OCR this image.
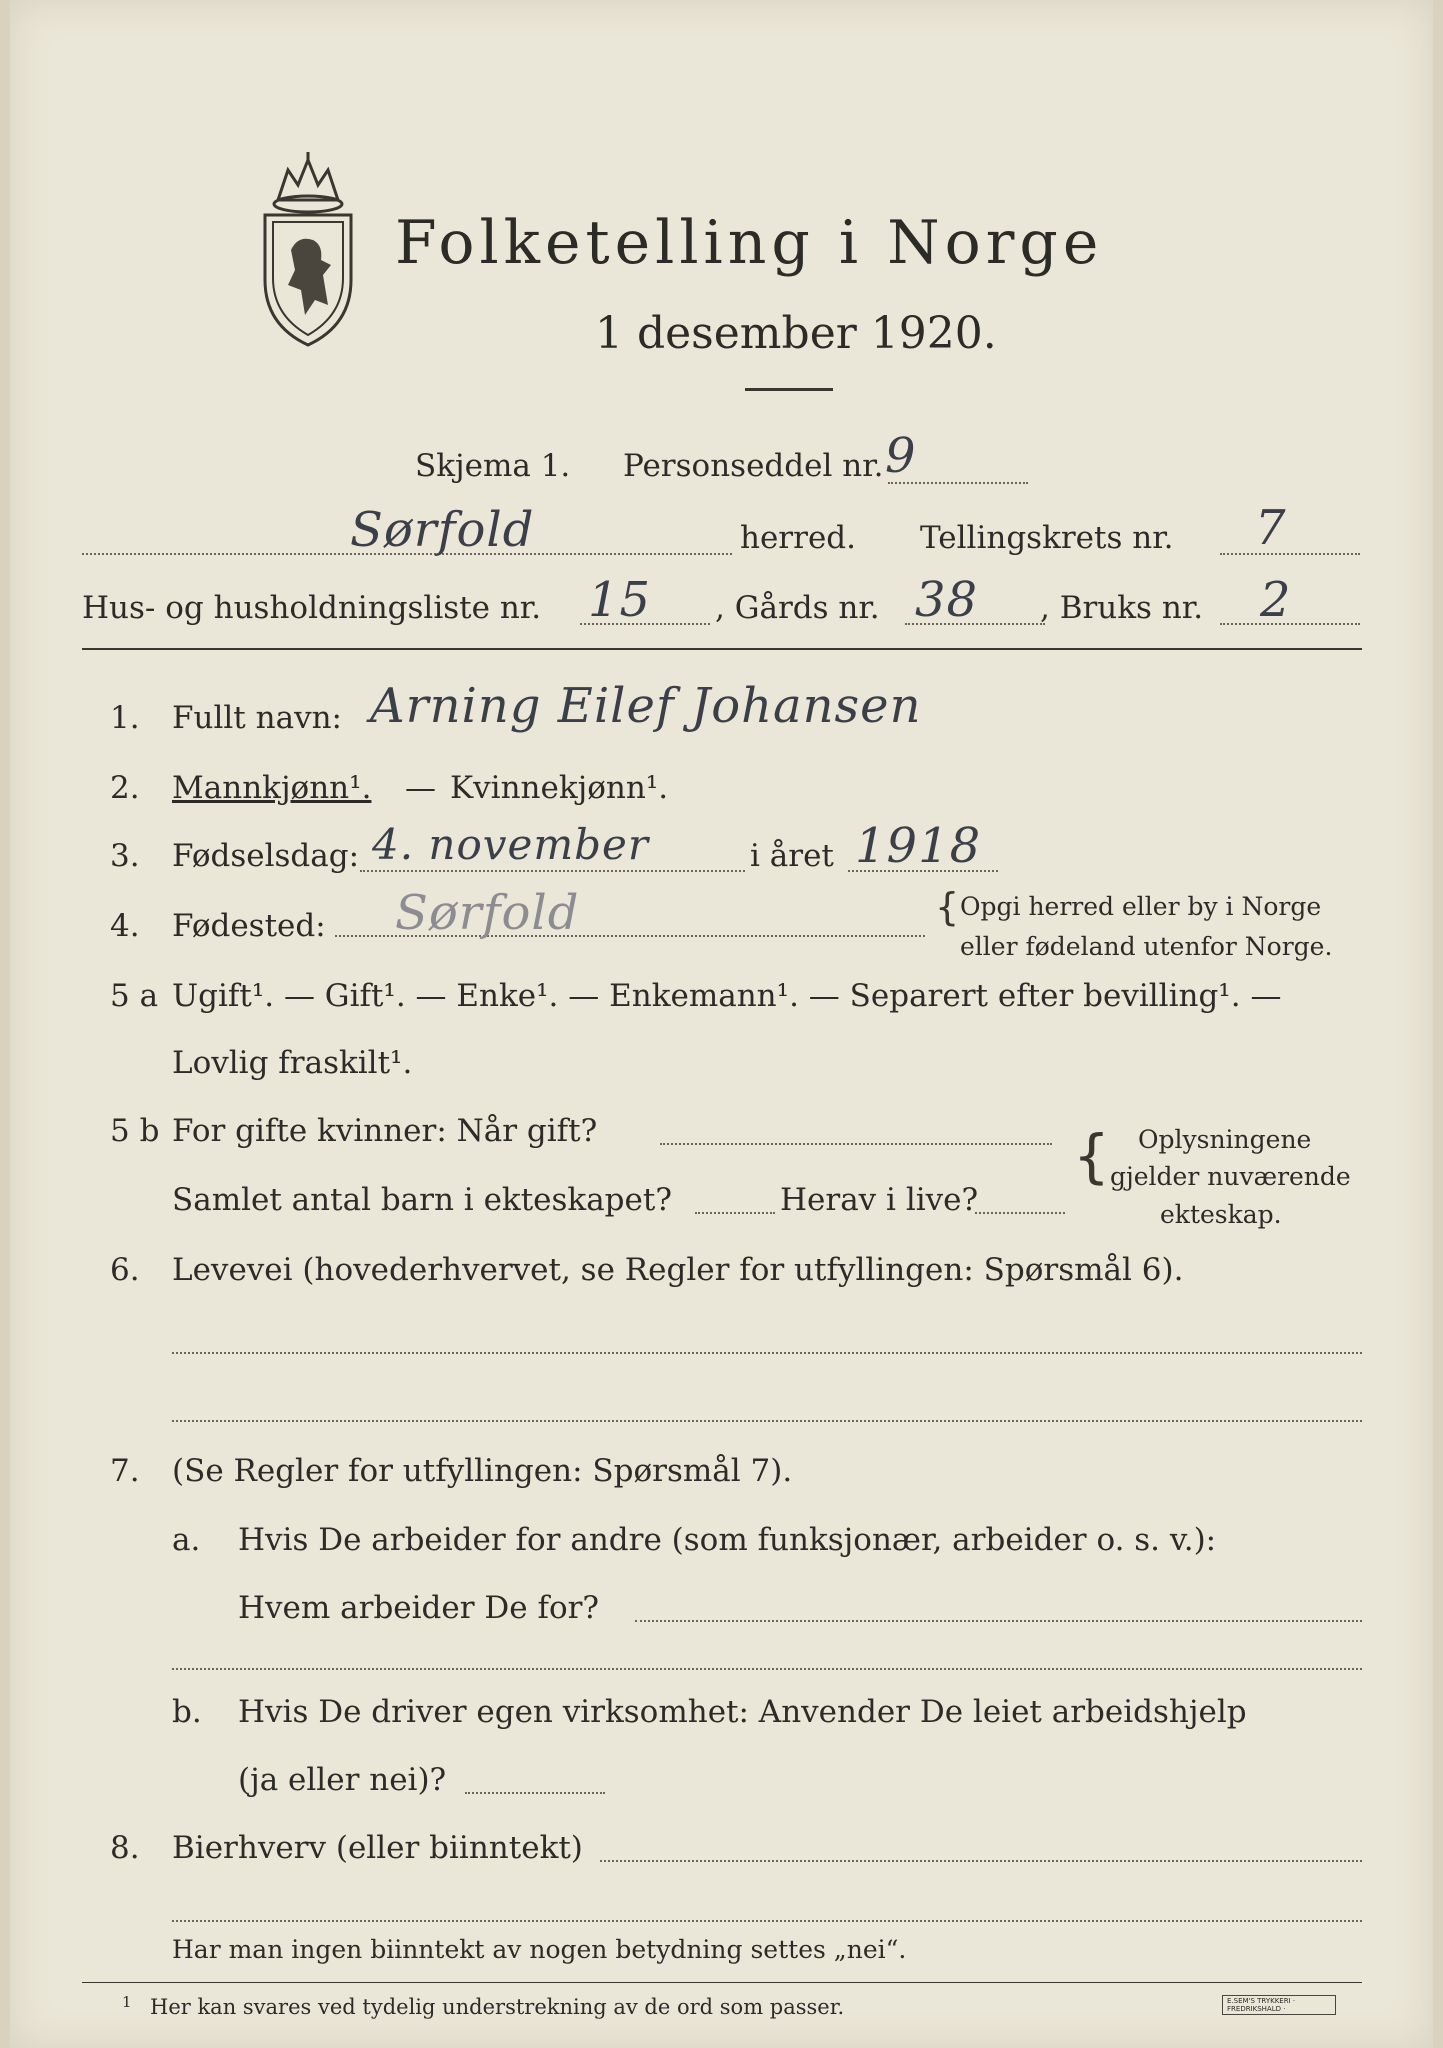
Folketelling i Norge
1 desember 1920.
Skjema 1. Personseddel nr. 9
Sørfold	herred. Tellingskrets nr. 7
Hus- og husholdningsliste nr. 15 , Gårds nr. 38 , Bruks nr. 2
1. Fullt navn: Arning Eilef Johansen
2. Mannkjønn¹. — Kvinnekjønn¹.
3. Fødselsdag: 4. november	i året 1918
4. Fødested: Sørfold	{ Opgi herred eller by i Norge
eller fødeland utenfor Norge.
5 a Ugift¹. — Gift¹. — Enke¹. — Enkemann¹. — Separert efter bevilling¹. —
Lovlig fraskilt¹.
5 b For gifte kvinner: Når gift?
Samlet antal barn i ekteskapet?	Herav i live?
{ Oplysningene
gjelder nuværende
ekteskap.
6. Levevei (hovederhvervet, se Regler for utfyllingen: Spørsmål 6).
7. (Se Regler for utfyllingen: Spørsmål 7).
a. Hvis De arbeider for andre (som funksjonær, arbeider o. s. v.):
Hvem arbeider De for?
b. Hvis De driver egen virksomhet: Anvender De leiet arbeidshjelp
(ja eller nei)?
8. Bierhverv (eller biinntekt)
Har man ingen biinntekt av nogen betydning settes „nei“.
1 Her kan svares ved tydelig understrekning av de ord som passer.	E.SEM'S TRYKKERI · FREDRIKSHALD ·
